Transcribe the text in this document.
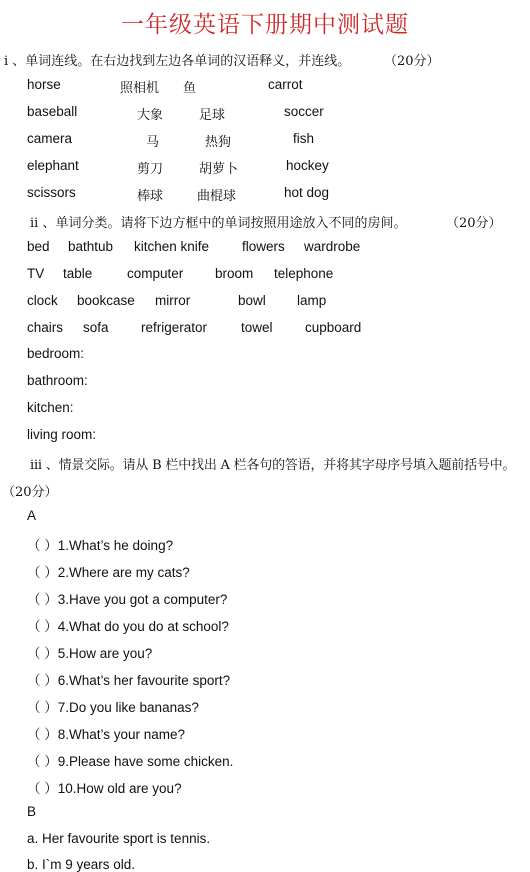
一年级英语下册期中测试题
i 、单词连线。在右边找到左边各单词的汉语释义，并连线。	（20分）
horse	照相机 鱼	carrot
baseball	大象	足球	soccer
camera	马	热狗	fish
elephant	剪刀	胡萝卜	hockey
scissors	棒球	曲棍球	hot dog
ii 、单词分类。请将下边方框中的单词按照用途放入不同的房间。	（20分）
bed bathtub kitchen knife flowers wardrobe
TV table	computer broom telephone
clock bookcase mirror	bowl lamp
chairs sofa refrigerator	towel cupboard
bedroom:
bathroom:
kitchen:
living room:
iii 、情景交际。请从 B 栏中找出 A 栏各句的答语，并将其字母序号填入题前括号中。
（20分）
A
（ ）1.What’s he doing?
（ ）2.Where are my cats?
（ ）3.Have you got a computer?
（ ）4.What do you do at school?
（ ）5.How are you?
（ ）6.What’s her favourite sport?
（ ）7.Do you like bananas?
（ ）8.What’s your name?
（ ）9.Please have some chicken.
（ ）10.How old are you?
B
a. Her favourite sport is tennis.
b. I`m 9 years old.
